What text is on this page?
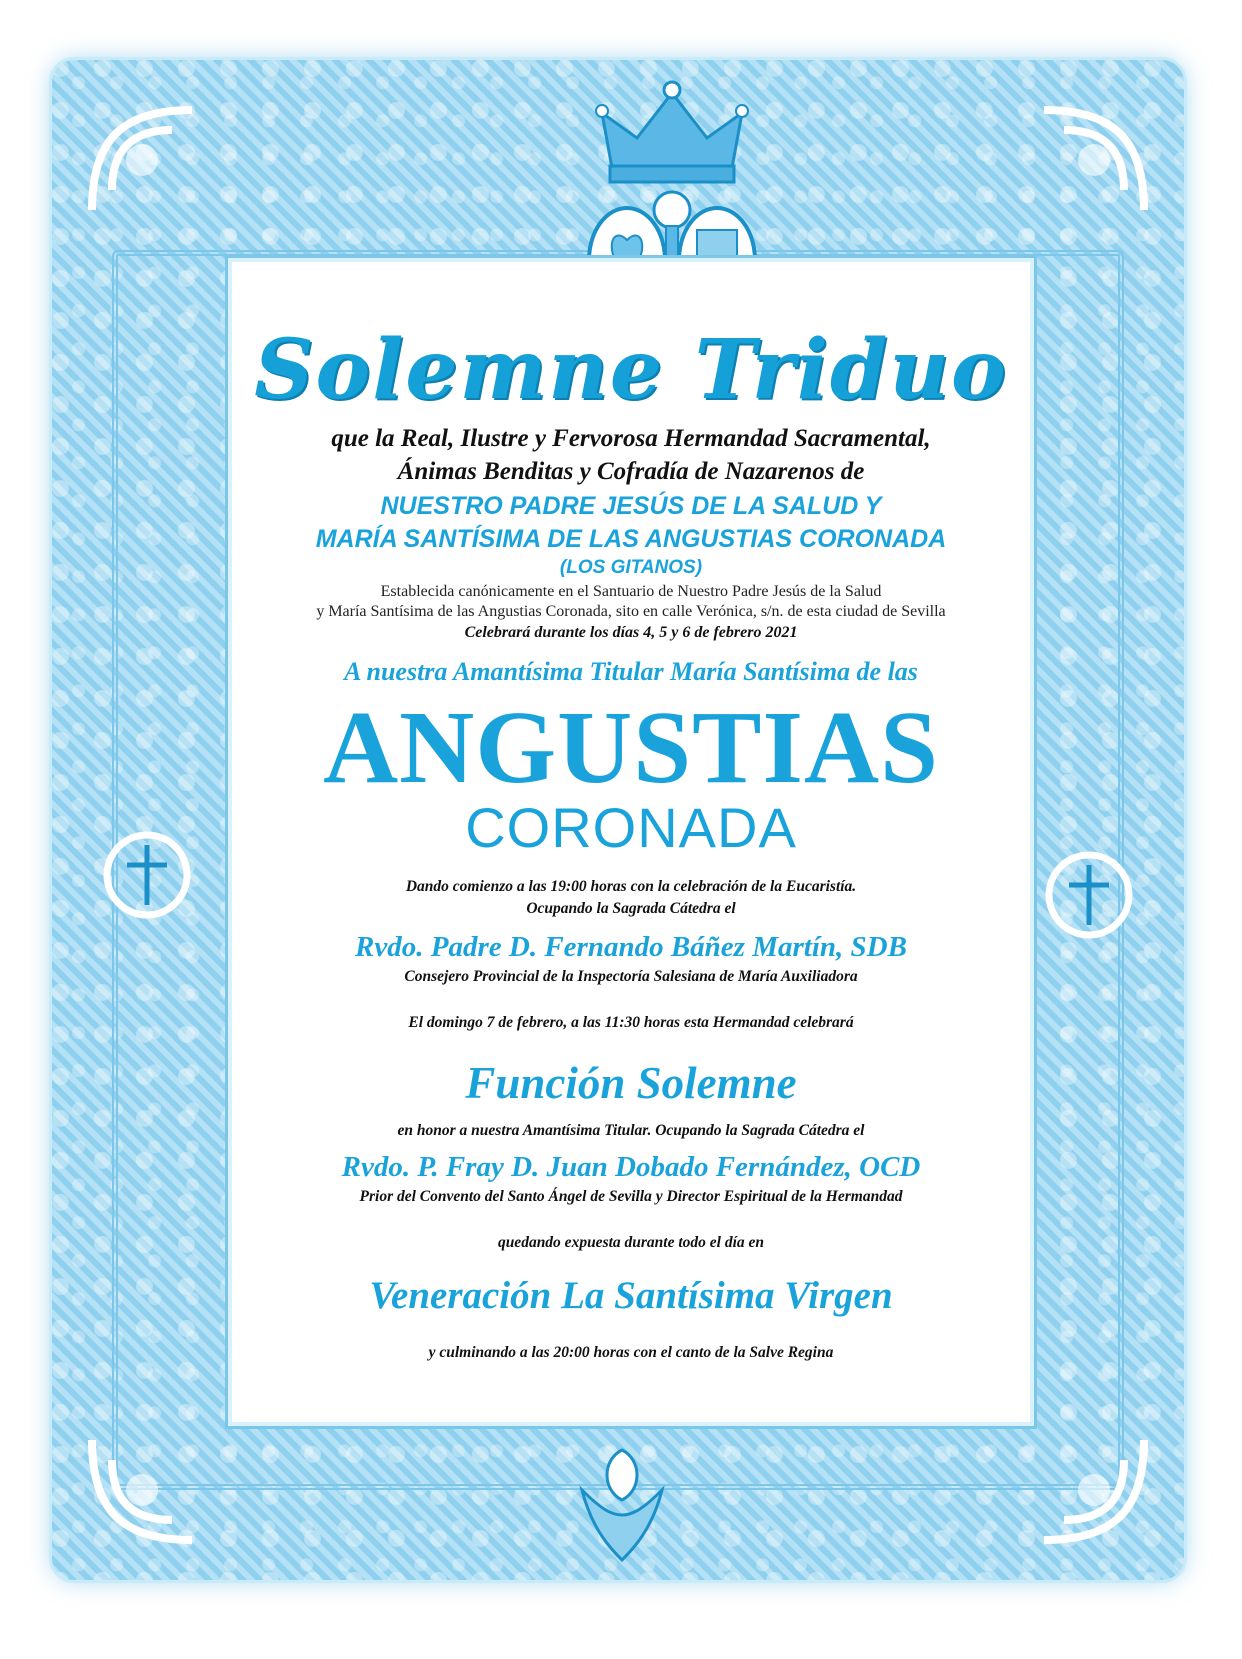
Solemne Triduo
que la Real, Ilustre y Fervorosa Hermandad Sacramental,
Ánimas Benditas y Cofradía de Nazarenos de
NUESTRO PADRE JESÚS DE LA SALUD Y
MARÍA SANTÍSIMA DE LAS ANGUSTIAS CORONADA
(LOS GITANOS)
Establecida canónicamente en el Santuario de Nuestro Padre Jesús de la Salud
y María Santísima de las Angustias Coronada, sito en calle Verónica, s/n. de esta ciudad de Sevilla
Celebrará durante los días 4, 5 y 6 de febrero 2021
A nuestra Amantísima Titular María Santísima de las
ANGUSTIAS
CORONADA
Dando comienzo a las 19:00 horas con la celebración de la Eucaristía.
Ocupando la Sagrada Cátedra el
Rvdo. Padre D. Fernando Báñez Martín, SDB
Consejero Provincial de la Inspectoría Salesiana de María Auxiliadora
El domingo 7 de febrero, a las 11:30 horas esta Hermandad celebrará
Función Solemne
en honor a nuestra Amantísima Titular. Ocupando la Sagrada Cátedra el
Rvdo. P. Fray D. Juan Dobado Fernández, OCD
Prior del Convento del Santo Ángel de Sevilla y Director Espiritual de la Hermandad
quedando expuesta durante todo el día en
Veneración La Santísima Virgen
y culminando a las 20:00 horas con el canto de la Salve Regina
